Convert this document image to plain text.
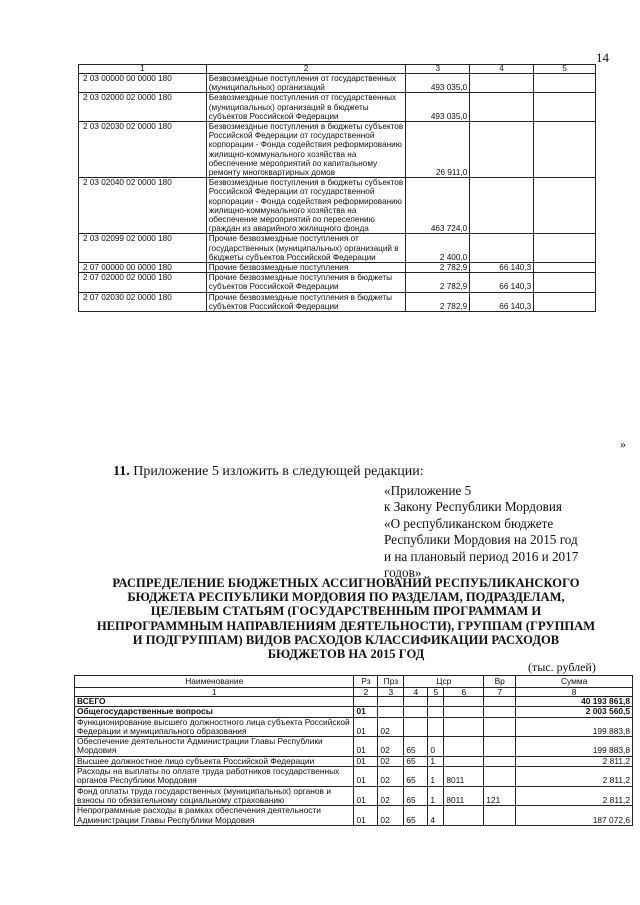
14
1	2	3	4	5
2 03 00000 00 0000 180	Безвозмездные поступления от государственных (муниципальных) организаций	493 035,0		
2 03 02000 02 0000 180	Безвозмездные поступления от государственных (муниципальных) организаций в бюджеты субъектов Российской Федерации	493 035,0		
2 03 02030 02 0000 180	Безвозмездные поступления в бюджеты субъектов Российской Федерации от государственной корпорации - Фонда содействия реформированию жилищно-коммунального хозяйства на обеспечение мероприятий по капитальному ремонту многоквартирных домов	26 911,0		
2 03 02040 02 0000 180	Безвозмездные поступления в бюджеты субъектов Российской Федерации от государственной корпорации - Фонда содействия реформированию жилищно-коммунального хозяйства на обеспечение мероприятий по переселению граждан из аварийного жилищного фонда	463 724,0		
2 03 02099 02 0000 180	Прочие безвозмездные поступления от государственных (муниципальных) организаций в бюджеты субъектов Российской Федерации	2 400,0		
2 07 00000 00 0000 180	Прочие безвозмездные поступления	2 782,9	66 140,3	
2 07 02000 02 0000 180	Прочие безвозмездные поступления в бюджеты субъектов Российской Федерации	2 782,9	66 140,3	
2 07 02030 02 0000 180	Прочие безвозмездные поступления в бюджеты субъектов Российской Федерации	2 782,9	66 140,3	
»
11. Приложение 5 изложить в следующей редакции:
«Приложение 5
к Закону Республики Мордовия
«О республиканском бюджете
Республики Мордовия на 2015 год
и на плановый период 2016 и 2017
годов»
РАСПРЕДЕЛЕНИЕ БЮДЖЕТНЫХ АССИГНОВАНИЙ РЕСПУБЛИКАНСКОГО
БЮДЖЕТА РЕСПУБЛИКИ МОРДОВИЯ ПО РАЗДЕЛАМ, ПОДРАЗДЕЛАМ,
ЦЕЛЕВЫМ СТАТЬЯМ (ГОСУДАРСТВЕННЫМ ПРОГРАММАМ И
НЕПРОГРАММНЫМ НАПРАВЛЕНИЯМ ДЕЯТЕЛЬНОСТИ), ГРУППАМ (ГРУППАМ
И ПОДГРУППАМ) ВИДОВ РАСХОДОВ КЛАССИФИКАЦИИ РАСХОДОВ
БЮДЖЕТОВ НА 2015 ГОД
(тыс. рублей)
Наименование	Рз	Прз	Цср			Вр	Сумма
1	2	3	4	5	6	7	8
ВСЕГО							40 193 861,8
Общегосударственные вопросы	01						2 003 560,5
Функционирование высшего должностного лица субъекта Российской Федерации и муниципального образования	01	02					199 883,8
Обеспечение деятельности Администрации Главы Республики Мордовия	01	02	65	0			199 883,8
Высшее должностное лицо субъекта Российской Федерации	01	02	65	1			2 811,2
Расходы на выплаты по оплате труда работников государственных органов Республики Мордовия	01	02	65	1	8011		2 811,2
Фонд оплаты труда государственных (муниципальных) органов и взносы по обязательному социальному страхованию	01	02	65	1	8011	121	2 811,2
Непрограммные расходы в рамках обеспечения деятельности Администрации Главы Республики Мордовия	01	02	65	4			187 072,6
